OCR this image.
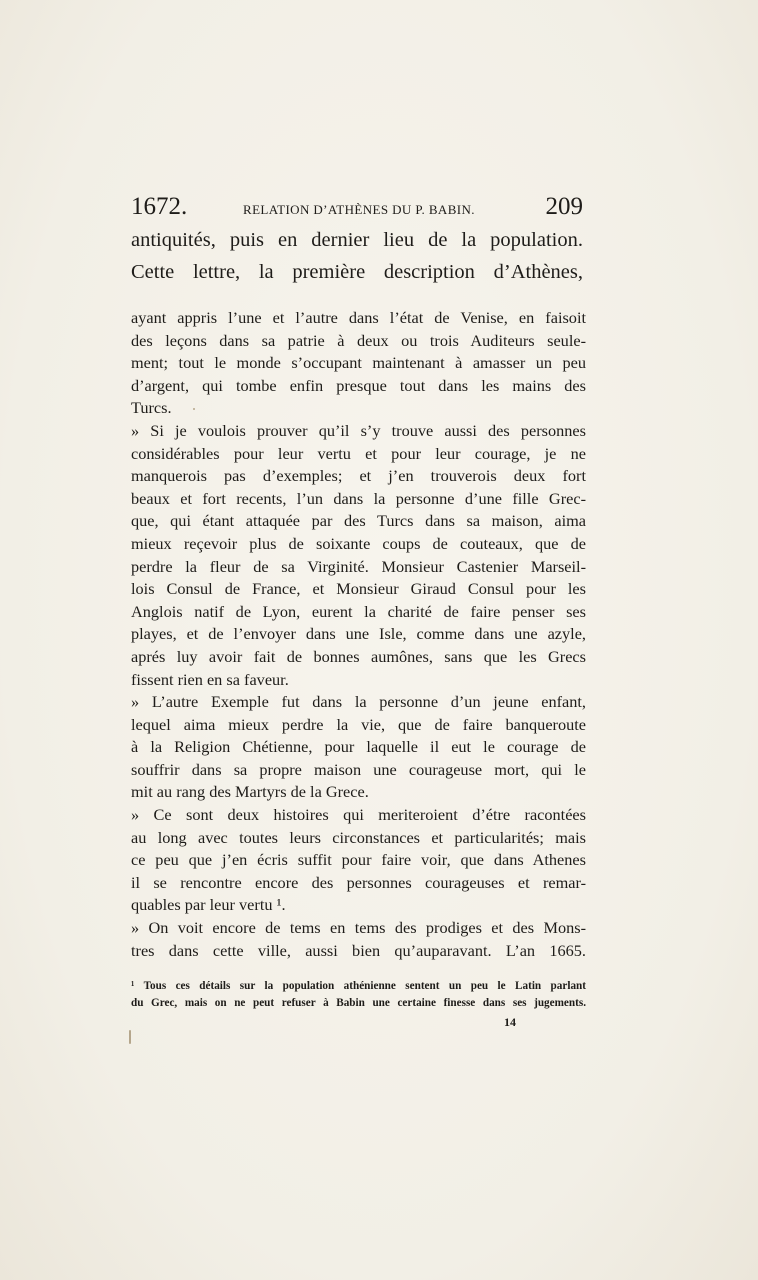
1672.	RELATION D’ATHÈNES DU P. BABIN.	209
antiquités, puis en dernier lieu de la population.
Cette lettre, la première description d’Athènes,
ayant appris l’une et l’autre dans l’état de Venise, en faisoit
des leçons dans sa patrie à deux ou trois Auditeurs seule-
ment; tout le monde s’occupant maintenant à amasser un peu
d’argent, qui tombe enfin presque tout dans les mains des
Turcs.
» Si je voulois prouver qu’il s’y trouve aussi des personnes
considérables pour leur vertu et pour leur courage, je ne
manquerois pas d’exemples; et j’en trouverois deux fort
beaux et fort recents, l’un dans la personne d’une fille Grec-
que, qui étant attaquée par des Turcs dans sa maison, aima
mieux reçevoir plus de soixante coups de couteaux, que de
perdre la fleur de sa Virginité. Monsieur Castenier Marseil-
lois Consul de France, et Monsieur Giraud Consul pour les
Anglois natif de Lyon, eurent la charité de faire penser ses
playes, et de l’envoyer dans une Isle, comme dans une azyle,
aprés luy avoir fait de bonnes aumônes, sans que les Grecs
fissent rien en sa faveur.
» L’autre Exemple fut dans la personne d’un jeune enfant,
lequel aima mieux perdre la vie, que de faire banqueroute
à la Religion Chétienne, pour laquelle il eut le courage de
souffrir dans sa propre maison une courageuse mort, qui le
mit au rang des Martyrs de la Grece.
» Ce sont deux histoires qui meriteroient d’étre racontées
au long avec toutes leurs circonstances et particularités; mais
ce peu que j’en écris suffit pour faire voir, que dans Athenes
il se rencontre encore des personnes courageuses et remar-
quables par leur vertu ¹.
» On voit encore de tems en tems des prodiges et des Mons-
tres dans cette ville, aussi bien qu’auparavant. L’an 1665.
¹ Tous ces détails sur la population athénienne sentent un peu le Latin parlant
du Grec, mais on ne peut refuser à Babin une certaine finesse dans ses jugements.
14
